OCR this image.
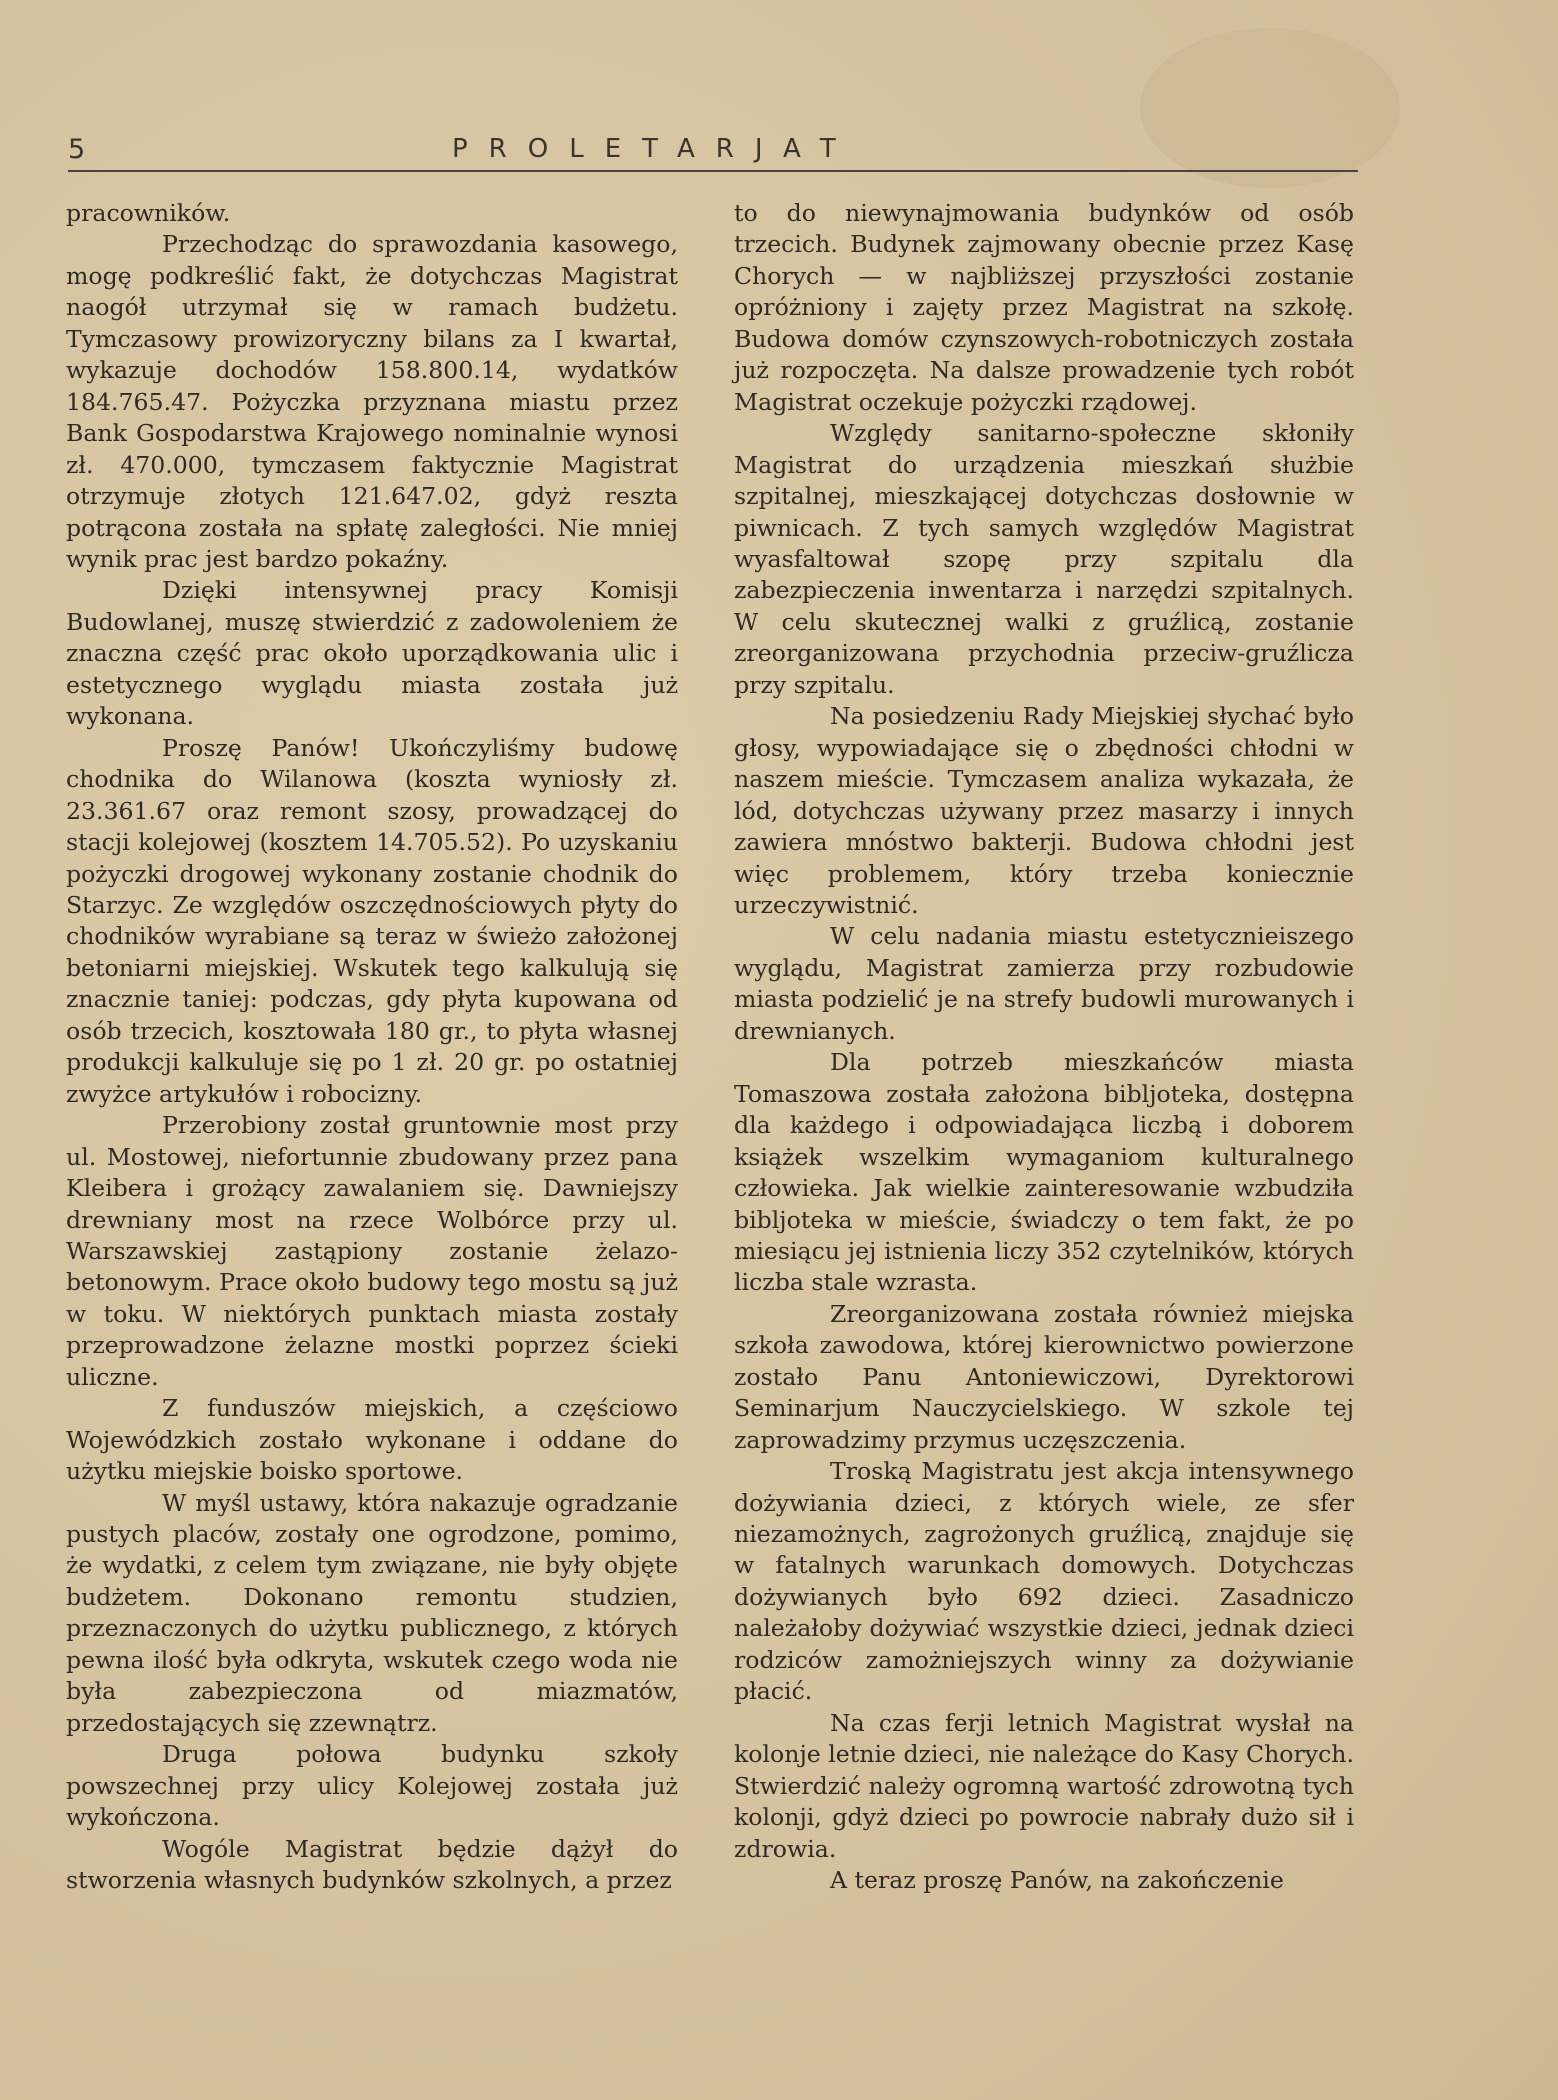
5	PROLETARJAT

pracowników.

Przechodząc do sprawozdania kasowego, mogę podkreślić fakt, że dotychczas Magistrat naogół utrzymał się w ramach budżetu. Tymczasowy prowizoryczny bilans za I kwartał, wykazuje dochodów 158.800.14, wydatków 184.765.47. Pożyczka przyznana miastu przez Bank Gospodarstwa Krajowego nominalnie wynosi zł. 470.000, tymczasem faktycznie Magistrat otrzymuje złotych 121.647.02, gdyż reszta potrącona została na spłatę zaległości. Nie mniej wynik prac jest bardzo pokaźny.

Dzięki intensywnej pracy Komisji Budowlanej, muszę stwierdzić z zadowoleniem że znaczna część prac około uporządkowania ulic i estetycznego wyglądu miasta została już wykonana.

Proszę Panów! Ukończyliśmy budowę chodnika do Wilanowa (koszta wyniosły zł. 23.361.67 oraz remont szosy, prowadzącej do stacji kolejowej (kosztem 14.705.52). Po uzyskaniu pożyczki drogowej wykonany zostanie chodnik do Starzyc. Ze względów oszczędnościowych płyty do chodników wyrabiane są teraz w świeżo założonej betoniarni miejskiej. Wskutek tego kalkulują się znacznie taniej: podczas, gdy płyta kupowana od osób trzecich, kosztowała 180 gr., to płyta własnej produkcji kalkuluje się po 1 zł. 20 gr. po ostatniej zwyżce artykułów i robocizny.

Przerobiony został gruntownie most przy ul. Mostowej, niefortunnie zbudowany przez pana Kleibera i grożący zawalaniem się. Dawniejszy drewniany most na rzece Wolbórce przy ul. Warszawskiej zastąpiony zostanie żelazo-betonowym. Prace około budowy tego mostu są już w toku. W niektórych punktach miasta zostały przeprowadzone żelazne mostki poprzez ścieki uliczne.

Z funduszów miejskich, a częściowo Wojewódzkich zostało wykonane i oddane do użytku miejskie boisko sportowe.

W myśl ustawy, która nakazuje ogradzanie pustych placów, zostały one ogrodzone, pomimo, że wydatki, z celem tym związane, nie były objęte budżetem. Dokonano remontu studzien, przeznaczonych do użytku publicznego, z których pewna ilość była odkryta, wskutek czego woda nie była zabezpieczona od miazmatów, przedostających się zzewnątrz.

Druga połowa budynku szkoły powszechnej przy ulicy Kolejowej została już wykończona.

Wogóle Magistrat będzie dążył do stworzenia własnych budynków szkolnych, a przez

to do niewynajmowania budynków od osób trzecich. Budynek zajmowany obecnie przez Kasę Chorych — w najbliższej przyszłości zostanie opróżniony i zajęty przez Magistrat na szkołę. Budowa domów czynszowych-robotniczych została już rozpoczęta. Na dalsze prowadzenie tych robót Magistrat oczekuje pożyczki rządowej.

Względy sanitarno-społeczne skłoniły Magistrat do urządzenia mieszkań służbie szpitalnej, mieszkającej dotychczas dosłownie w piwnicach. Z tych samych względów Magistrat wyasfaltował szopę przy szpitalu dla zabezpieczenia inwentarza i narzędzi szpitalnych. W celu skutecznej walki z gruźlicą, zostanie zreorganizowana przychodnia przeciw-gruźlicza przy szpitalu.

Na posiedzeniu Rady Miejskiej słychać było głosy, wypowiadające się o zbędności chłodni w naszem mieście. Tymczasem analiza wykazała, że lód, dotychczas używany przez masarzy i innych zawiera mnóstwo bakterji. Budowa chłodni jest więc problemem, który trzeba koniecznie urzeczywistnić.

W celu nadania miastu estetycznieiszego wyglądu, Magistrat zamierza przy rozbudowie miasta podzielić je na strefy budowli murowanych i drewnianych.

Dla potrzeb mieszkańców miasta Tomaszowa została założona bibljoteka, dostępna dla każdego i odpowiadająca liczbą i doborem książek wszelkim wymaganiom kulturalnego człowieka. Jak wielkie zainteresowanie wzbudziła bibljoteka w mieście, świadczy o tem fakt, że po miesiącu jej istnienia liczy 352 czytelników, których liczba stale wzrasta.

Zreorganizowana została również miejska szkoła zawodowa, której kierownictwo powierzone zostało Panu Antoniewiczowi, Dyrektorowi Seminarjum Nauczycielskiego. W szkole tej zaprowadzimy przymus uczęszczenia.

Troską Magistratu jest akcja intensywnego dożywiania dzieci, z których wiele, ze sfer niezamożnych, zagrożonych gruźlicą, znajduje się w fatalnych warunkach domowych. Dotychczas dożywianych było 692 dzieci. Zasadniczo należałoby dożywiać wszystkie dzieci, jednak dzieci rodziców zamożniejszych winny za dożywianie płacić.

Na czas ferji letnich Magistrat wysłał na kolonje letnie dzieci, nie należące do Kasy Chorych. Stwierdzić należy ogromną wartość zdrowotną tych kolonji, gdyż dzieci po powrocie nabrały dużo sił i zdrowia.

A teraz proszę Panów, na zakończenie
